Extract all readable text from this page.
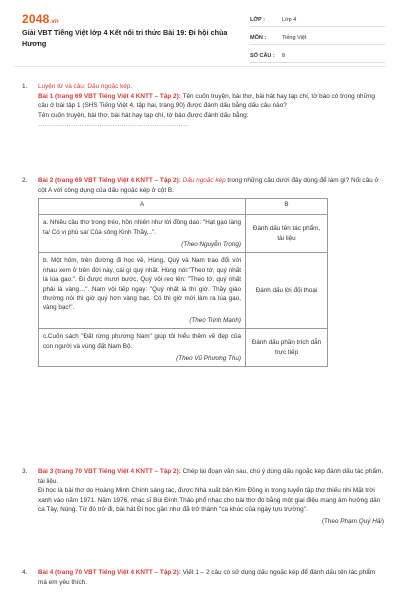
2048.vn
Giải VBT Tiếng Việt lớp 4 Kết nối tri thức Bài 19: Đi hội chùa Hương
LỚP :	Lớp 4
MÔN :	Tiếng Việt
SỐ CÂU :	8
1.	Luyện từ và câu: Dấu ngoặc kép.
Bài 1 (trang 69 VBT Tiếng Việt 4 KNTT – Tập 2): Tên cuốn truyện, bài thơ, bài hát hay tạp chí, tờ báo có trong những câu ở bài tập 1 (SHS Tiếng Việt 4, tập hai, trang 90) được đánh dấu bằng dấu câu nào?
Tên cuốn truyện, bài thơ, bài hát hay tạp chí, tờ báo được đánh dấu bằng:
……………………………………………………………
2.	Bài 2 (trang 69 VBT Tiếng Việt 4 KNTT – Tập 2): Dấu ngoặc kép trong những câu dưới đây dùng để làm gì? Nối câu ở cột A với công dụng của dấu ngoặc kép ở cột B.
A	B

a. Nhiều câu thơ trong tréo, hồn nhiên như lời đồng dao: "Hạt gạo làng ta/ Có vị phù sa/ Của sông Kinh Thầy,..".
(Theo Nguyễn Trọng)	Đánh dấu tên tác phẩm, tài liệu

b. Một hôm, trên đường đi học về, Hùng, Quý và Nam trao đổi với nhau xem ở trên đời này, cái gì quý nhất. Hùng nói:"Theo tớ, quý nhất là lúa gạo.". Đi được mươi bước, Quý vội reo lên: "Theo tớ, quý nhất phải là vàng…". Nam vội tiếp ngay: "Quý nhất là thì giờ. Thầy giáo thường nói thì giờ quý hơn vàng bạc. Có thì giờ mới làm ra lúa gạo, vàng bạc!".
(Theo Trịnh Mạnh)	Đánh dấu lời đối thoại

c.Cuốn sách "Đất rừng phương Nam" giúp tôi hiểu thêm về đẹp của con người và vùng đất Nam Bộ.
(Theo Vũ Phương Thu)	Đánh dấu phần trích dẫn trực tiếp
3.	Bài 3 (trang 70 VBT Tiếng Việt 4 KNTT – Tập 2): Chép lại đoạn văn sau, chú ý dùng dấu ngoặc kép đánh dấu tác phẩm, tài liệu.
Đi học là bài thơ do Hoàng Minh Chính sáng tác, được Nhà xuất bản Kim Đồng in trong tuyển tập thơ thiếu nhi Mặt trời xanh vào năm 1971. Năm 1976, nhạc sĩ Bùi Đình Thảo phổ nhạc cho bài thơ đó bằng một giai điệu mang âm hưởng dân ca Tày, Nùng. Từ đó trở đi, bài hát Đi học gần như đã trở thành "ca khúc của ngày tựu trường".
(Theo Phạm Quý Hải)
4.	Bài 4 (trang 70 VBT Tiếng Việt 4 KNTT – Tập 2): Viết 1 – 2 câu có sử dụng dấu ngoặc kép để đánh dấu tên tác phẩm mà em yêu thích.
